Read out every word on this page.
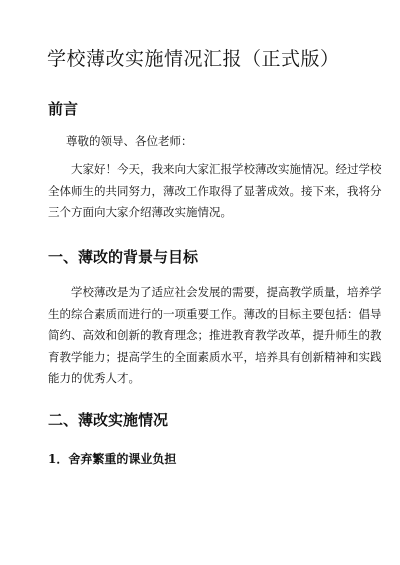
学校薄改实施情况汇报（正式版）
前言

尊敬的领导、各位老师：

　　大家好！今天，我来向大家汇报学校薄改实施情况。经过学校
全体师生的共同努力，薄改工作取得了显著成效。接下来，我将分
三个方面向大家介绍薄改实施情况。

一、薄改的背景与目标

　　学校薄改是为了适应社会发展的需要，提高教学质量，培养学
生的综合素质而进行的一项重要工作。薄改的目标主要包括：倡导
简约、高效和创新的教育理念；推进教育教学改革，提升师生的教
育教学能力；提高学生的全面素质水平，培养具有创新精神和实践
能力的优秀人才。

二、薄改实施情况
1．舍弃繁重的课业负担
